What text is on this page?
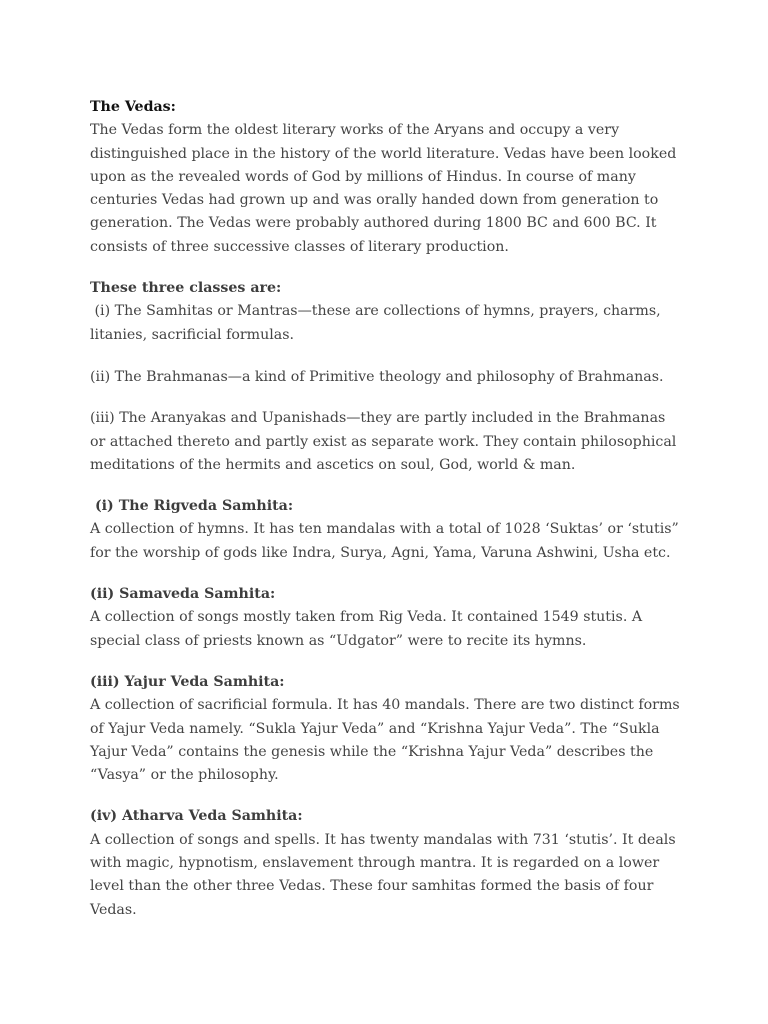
The Vedas:

The Vedas form the oldest literary works of the Aryans and occupy a very distinguished place in the history of the world literature. Vedas have been looked upon as the revealed words of God by millions of Hindus. In course of many centuries Vedas had grown up and was orally handed down from generation to generation. The Vedas were probably authored during 1800 BC and 600 BC. It consists of three successive classes of literary production.

These three classes are:

(i) The Samhitas or Mantras—these are collections of hymns, prayers, charms, litanies, sacrificial formulas.

(ii) The Brahmanas—a kind of Primitive theology and philosophy of Brahmanas.

(iii) The Aranyakas and Upanishads—they are partly included in the Brahmanas or attached thereto and partly exist as separate work. They contain philosophical meditations of the hermits and ascetics on soul, God, world & man.

(i) The Rigveda Samhita:

A collection of hymns. It has ten mandalas with a total of 1028 ‘Suktas’ or ‘stutis” for the worship of gods like Indra, Surya, Agni, Yama, Varuna Ashwini, Usha etc.

(ii) Samaveda Samhita:

A collection of songs mostly taken from Rig Veda. It contained 1549 stutis. A special class of priests known as “Udgator” were to recite its hymns.

(iii) Yajur Veda Samhita:

A collection of sacrificial formula. It has 40 mandals. There are two distinct forms of Yajur Veda namely. “Sukla Yajur Veda” and “Krishna Yajur Veda”. The “Sukla Yajur Veda” contains the genesis while the “Krishna Yajur Veda” describes the “Vasya” or the philosophy.

(iv) Atharva Veda Samhita:

A collection of songs and spells. It has twenty mandalas with 731 ‘stutis’. It deals with magic, hypnotism, enslavement through mantra. It is regarded on a lower level than the other three Vedas. These four samhitas formed the basis of four Vedas.
